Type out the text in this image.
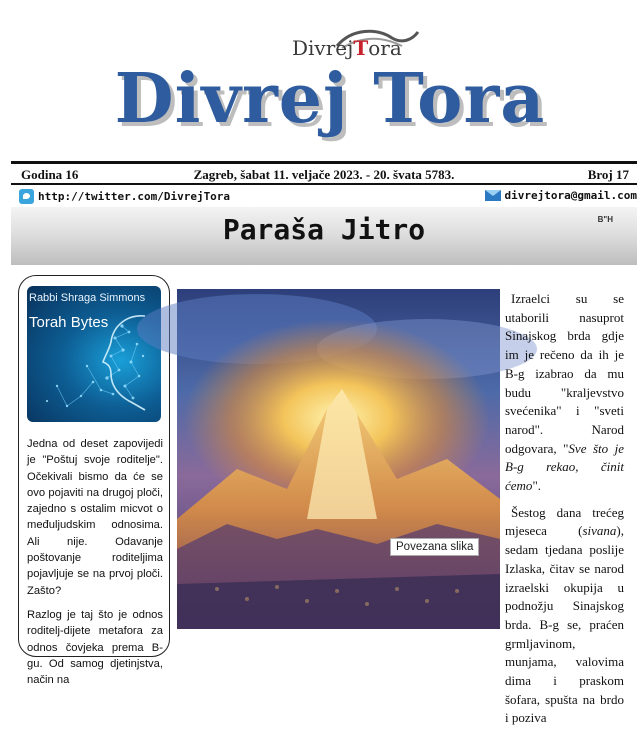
DivrejTora
Divrej Tora
Godina 16	Zagreb, šabat 11. veljače 2023. - 20. švata 5783.	Broj 17
http://twitter.com/DivrejTora	divrejtora@gmail.com
Paraša Jitro	B"H
Rabbi Shraga Simmons
Torah Bytes

Jedna od deset zapovijedi je "Poštuj svoje roditelje". Očekivali bismo da će se ovo pojaviti na drugoj ploči, zajedno s ostalim micvot o međuljudskim odnosima. Ali nije. Odavanje poštovanje roditeljima pojavljuje se na prvoj ploči. Zašto?

Razlog je taj što je odnos roditelj-dijete metafora za odnos čovjeka prema B-gu. Od samog djetinjstva, način na

Povezana slika

Izraelci su se utaborili nasuprot Sinajskog brda gdje im je rečeno da ih je B-g izabrao da mu budu "kraljevstvo svećenika" i "sveti narod". Narod odgovara, "Sve što je B-g rekao, činit ćemo".

Šestog dana trećeg mjeseca (sivana), sedam tjedana poslije Izlaska, čitav se narod izraelski okupija u podnožju Sinajskog brda. B-g se, praćen grmljavinom, munjama, valovima dima i praskom šofara, spušta na brdo i poziva
